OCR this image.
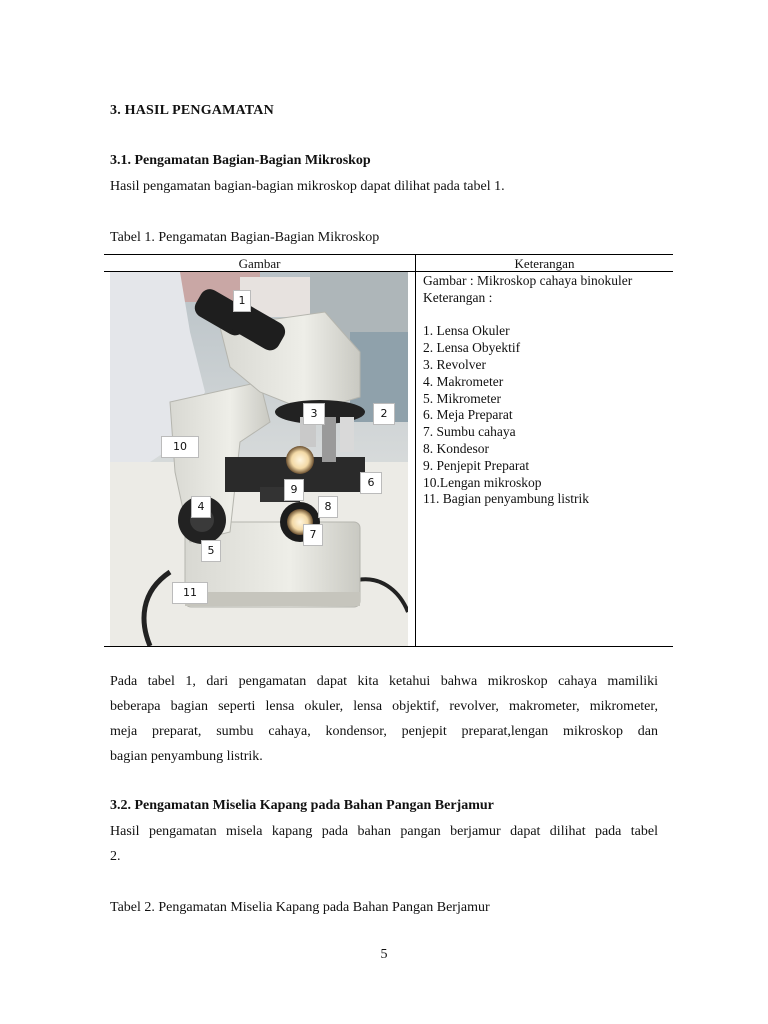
3. HASIL PENGAMATAN
3.1. Pengamatan Bagian-Bagian Mikroskop
Hasil pengamatan bagian-bagian mikroskop dapat dilihat pada tabel 1.
Tabel 1. Pengamatan Bagian-Bagian Mikroskop
Gambar	Keterangan
1
2
3
4
5
6
7
8
9
10
11
Gambar : Mikroskop cahaya binokuler
Keterangan :
1. Lensa Okuler
2. Lensa Obyektif
3. Revolver
4. Makrometer
5. Mikrometer
6. Meja Preparat
7. Sumbu cahaya
8. Kondesor
9. Penjepit Preparat
10.Lengan mikroskop
11. Bagian penyambung listrik
Pada tabel 1, dari pengamatan dapat kita ketahui bahwa mikroskop cahaya mamiliki
beberapa bagian seperti lensa okuler, lensa objektif, revolver, makrometer, mikrometer,
meja preparat, sumbu cahaya, kondensor, penjepit preparat,lengan mikroskop dan
bagian penyambung listrik.
3.2. Pengamatan Miselia Kapang pada Bahan Pangan Berjamur
Hasil pengamatan misela kapang pada bahan pangan berjamur dapat dilihat pada tabel
2.
Tabel 2. Pengamatan Miselia Kapang pada Bahan Pangan Berjamur
5
